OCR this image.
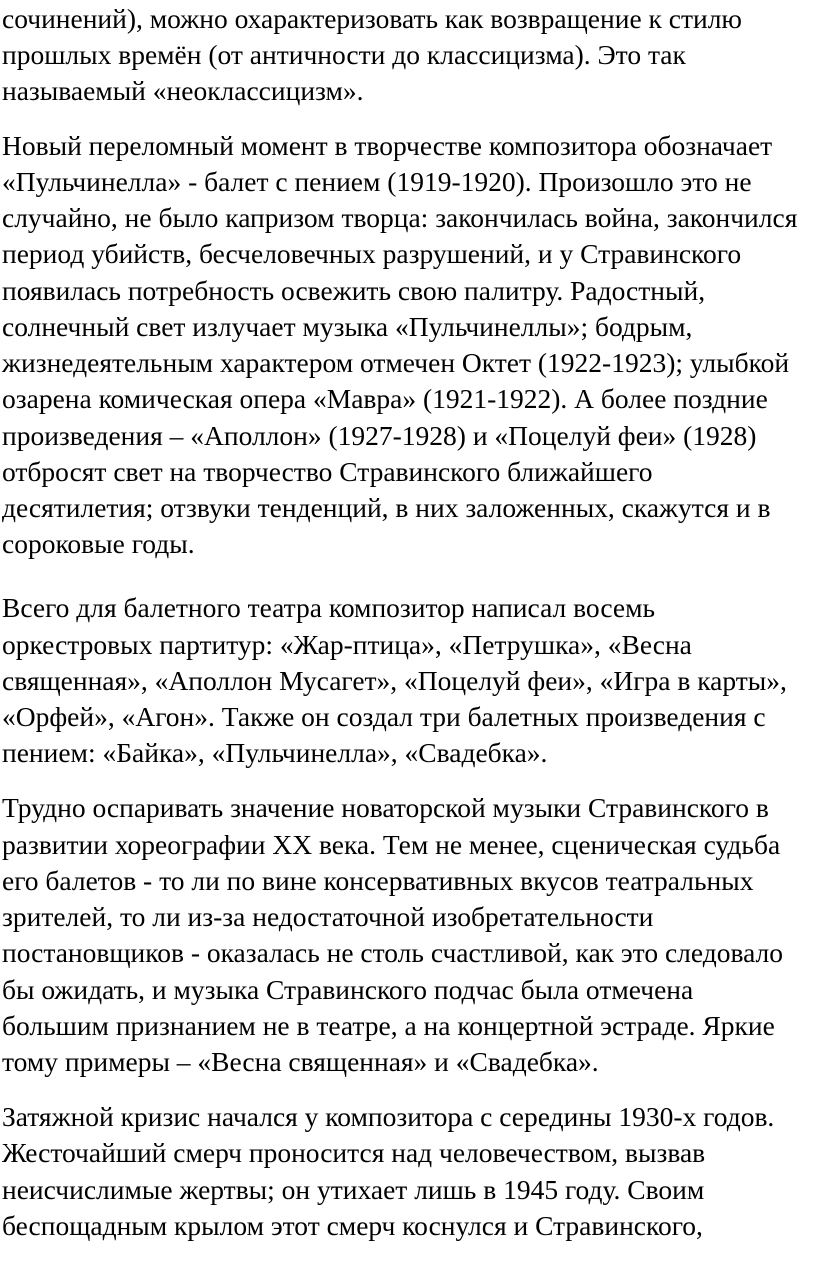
сочинений), можно охарактеризовать как возвращение к стилю
прошлых времён (от античности до классицизма). Это так
называемый «неоклассицизм».
Новый переломный момент в творчестве композитора обозначает
«Пульчинелла» - балет с пением (1919-1920). Произошло это не
случайно, не было капризом творца: закончилась война, закончился
период убийств, бесчеловечных разрушений, и у Стравинского
появилась потребность освежить свою палитру. Радостный,
солнечный свет излучает музыка «Пульчинеллы»; бодрым,
жизнедеятельным характером отмечен Октет (1922-1923); улыбкой
озарена комическая опера «Мавра» (1921-1922). А более поздние
произведения – «Аполлон» (1927-1928) и «Поцелуй феи» (1928)
отбросят свет на творчество Стравинского ближайшего
десятилетия; отзвуки тенденций, в них заложенных, скажутся и в
сороковые годы.
Всего для балетного театра композитор написал восемь
оркестровых партитур: «Жар-птица», «Петрушка», «Весна
священная», «Аполлон Мусагет», «Поцелуй феи», «Игра в карты»,
«Орфей», «Агон». Также он создал три балетных произведения с
пением: «Байка», «Пульчинелла», «Свадебка».
Трудно оспаривать значение новаторской музыки Стравинского в
развитии хореографии XX века. Тем не менее, сценическая судьба
его балетов - то ли по вине консервативных вкусов театральных
зрителей, то ли из-за недостаточной изобретательности
постановщиков - оказалась не столь счастливой, как это следовало
бы ожидать, и музыка Стравинского подчас была отмечена
большим признанием не в театре, а на концертной эстраде. Яркие
тому примеры – «Весна священная» и «Свадебка».
Затяжной кризис начался у композитора с середины 1930-х годов.
Жесточайший смерч проносится над человечеством, вызвав
неисчислимые жертвы; он утихает лишь в 1945 году. Своим
беспощадным крылом этот смерч коснулся и Стравинского,
